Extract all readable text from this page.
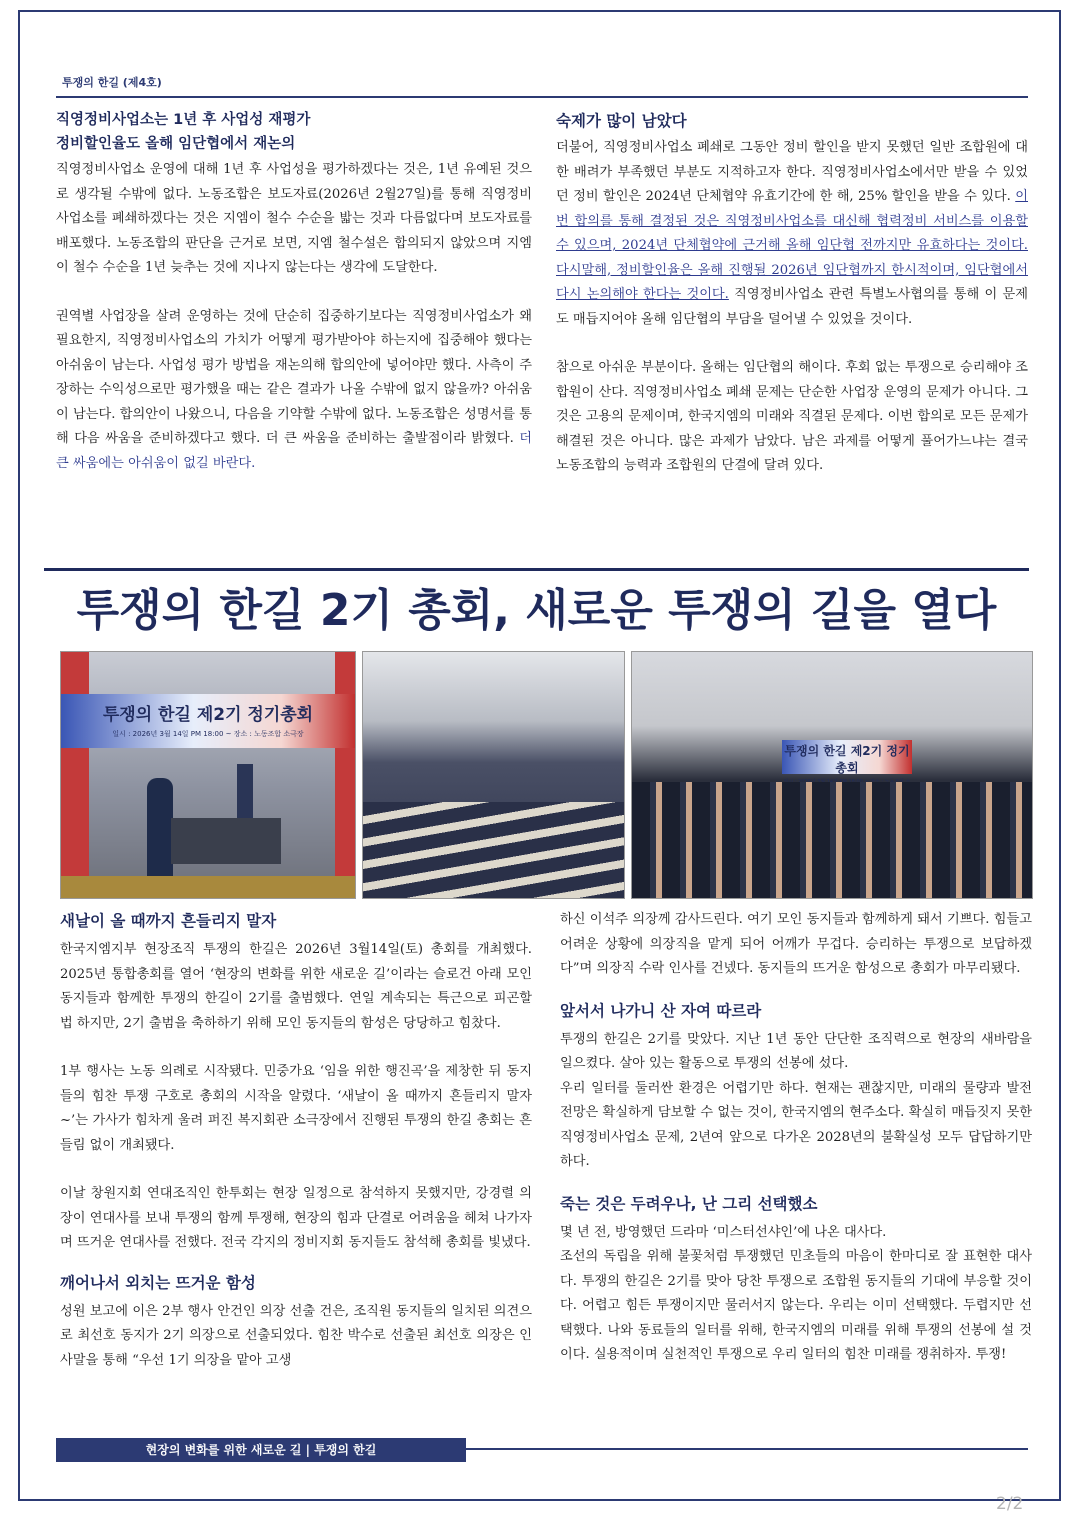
투쟁의 한길 (제4호)
직영정비사업소는 1년 후 사업성 재평가
정비할인율도 올해 임단협에서 재논의

직영정비사업소 운영에 대해 1년 후 사업성을 평가하겠다는 것은, 1년 유예된 것으로 생각될 수밖에 없다. 노동조합은 보도자료(2026년 2월27일)를 통해 직영정비사업소를 폐쇄하겠다는 것은 지엠이 철수 수순을 밟는 것과 다름없다며 보도자료를 배포했다. 노동조합의 판단을 근거로 보면, 지엠 철수설은 합의되지 않았으며 지엠이 철수 수순을 1년 늦추는 것에 지나지 않는다는 생각에 도달한다.

권역별 사업장을 살려 운영하는 것에 단순히 집중하기보다는 직영정비사업소가 왜 필요한지, 직영정비사업소의 가치가 어떻게 평가받아야 하는지에 집중해야 했다는 아쉬움이 남는다. 사업성 평가 방법을 재논의해 합의안에 넣어야만 했다. 사측이 주장하는 수익성으로만 평가했을 때는 같은 결과가 나올 수밖에 없지 않을까? 아쉬움이 남는다. 합의안이 나왔으니, 다음을 기약할 수밖에 없다. 노동조합은 성명서를 통해 다음 싸움을 준비하겠다고 했다. 더 큰 싸움을 준비하는 출발점이라 밝혔다. 더 큰 싸움에는 아쉬움이 없길 바란다.

숙제가 많이 남았다

더불어, 직영정비사업소 폐쇄로 그동안 정비 할인을 받지 못했던 일반 조합원에 대한 배려가 부족했던 부분도 지적하고자 한다. 직영정비사업소에서만 받을 수 있었던 정비 할인은 2024년 단체협약 유효기간에 한 해, 25% 할인을 받을 수 있다. 이번 합의를 통해 결정된 것은 직영정비사업소를 대신해 협력정비 서비스를 이용할 수 있으며, 2024년 단체협약에 근거해 올해 임단협 전까지만 유효하다는 것이다. 다시말해, 정비할인율은 올해 진행될 2026년 임단협까지 한시적이며, 임단협에서 다시 논의해야 한다는 것이다. 직영정비사업소 관련 특별노사협의를 통해 이 문제도 매듭지어야 올해 임단협의 부담을 덜어낼 수 있었을 것이다.

참으로 아쉬운 부분이다. 올해는 임단협의 해이다. 후회 없는 투쟁으로 승리해야 조합원이 산다. 직영정비사업소 폐쇄 문제는 단순한 사업장 운영의 문제가 아니다. 그것은 고용의 문제이며, 한국지엠의 미래와 직결된 문제다. 이번 합의로 모든 문제가 해결된 것은 아니다. 많은 과제가 남았다. 남은 과제를 어떻게 풀어가느냐는 결국 노동조합의 능력과 조합원의 단결에 달려 있다.

투쟁의 한길 2기 총회, 새로운 투쟁의 길을 열다
투쟁의 한길 제2기 정기총회
일시 : 2026년 3월 14일 PM 18:00 ~ 장소 : 노동조합 소극장
투쟁의 한길 제2기 정기총회
새날이 올 때까지 흔들리지 말자

한국지엠지부 현장조직 투쟁의 한길은 2026년 3월14일(토) 총회를 개최했다. 2025년 통합총회를 열어 ‘현장의 변화를 위한 새로운 길’이라는 슬로건 아래 모인 동지들과 함께한 투쟁의 한길이 2기를 출범했다. 연일 계속되는 특근으로 피곤할 법 하지만, 2기 출범을 축하하기 위해 모인 동지들의 함성은 당당하고 힘찼다.

1부 행사는 노동 의례로 시작됐다. 민중가요 ‘임을 위한 행진곡’을 제창한 뒤 동지들의 힘찬 투쟁 구호로 총회의 시작을 알렸다. ‘새날이 올 때까지 흔들리지 말자~’는 가사가 힘차게 울려 퍼진 복지회관 소극장에서 진행된 투쟁의 한길 총회는 흔들림 없이 개최됐다.

이날 창원지회 연대조직인 한투회는 현장 일정으로 참석하지 못했지만, 강경렬 의장이 연대사를 보내 투쟁의 함께 투쟁해, 현장의 힘과 단결로 어려움을 헤쳐 나가자며 뜨거운 연대사를 전했다. 전국 각지의 정비지회 동지들도 참석해 총회를 빛냈다.

깨어나서 외치는 뜨거운 함성

성원 보고에 이은 2부 행사 안건인 의장 선출 건은, 조직원 동지들의 일치된 의견으로 최선호 동지가 2기 의장으로 선출되었다. 힘찬 박수로 선출된 최선호 의장은 인사말을 통해 “우선 1기 의장을 맡아 고생

하신 이석주 의장께 감사드린다. 여기 모인 동지들과 함께하게 돼서 기쁘다. 힘들고 어려운 상황에 의장직을 맡게 되어 어깨가 무겁다. 승리하는 투쟁으로 보답하겠다”며 의장직 수락 인사를 건넸다. 동지들의 뜨거운 함성으로 총회가 마무리됐다.

앞서서 나가니 산 자여 따르라

투쟁의 한길은 2기를 맞았다. 지난 1년 동안 단단한 조직력으로 현장의 새바람을 일으켰다. 살아 있는 활동으로 투쟁의 선봉에 섰다.

우리 일터를 둘러싼 환경은 어렵기만 하다. 현재는 괜찮지만, 미래의 물량과 발전 전망은 확실하게 담보할 수 없는 것이, 한국지엠의 현주소다. 확실히 매듭짓지 못한 직영정비사업소 문제, 2년여 앞으로 다가온 2028년의 불확실성 모두 답답하기만 하다.

죽는 것은 두려우나, 난 그리 선택했소

몇 년 전, 방영했던 드라마 ‘미스터선샤인’에 나온 대사다.

조선의 독립을 위해 불꽃처럼 투쟁했던 민초들의 마음이 한마디로 잘 표현한 대사다. 투쟁의 한길은 2기를 맞아 당찬 투쟁으로 조합원 동지들의 기대에 부응할 것이다. 어렵고 힘든 투쟁이지만 물러서지 않는다. 우리는 이미 선택했다. 두렵지만 선택했다. 나와 동료들의 일터를 위해, 한국지엠의 미래를 위해 투쟁의 선봉에 설 것이다. 실용적이며 실천적인 투쟁으로 우리 일터의 힘찬 미래를 쟁취하자. 투쟁!

현장의 변화를 위한 새로운 길 | 투쟁의 한길
2/2
